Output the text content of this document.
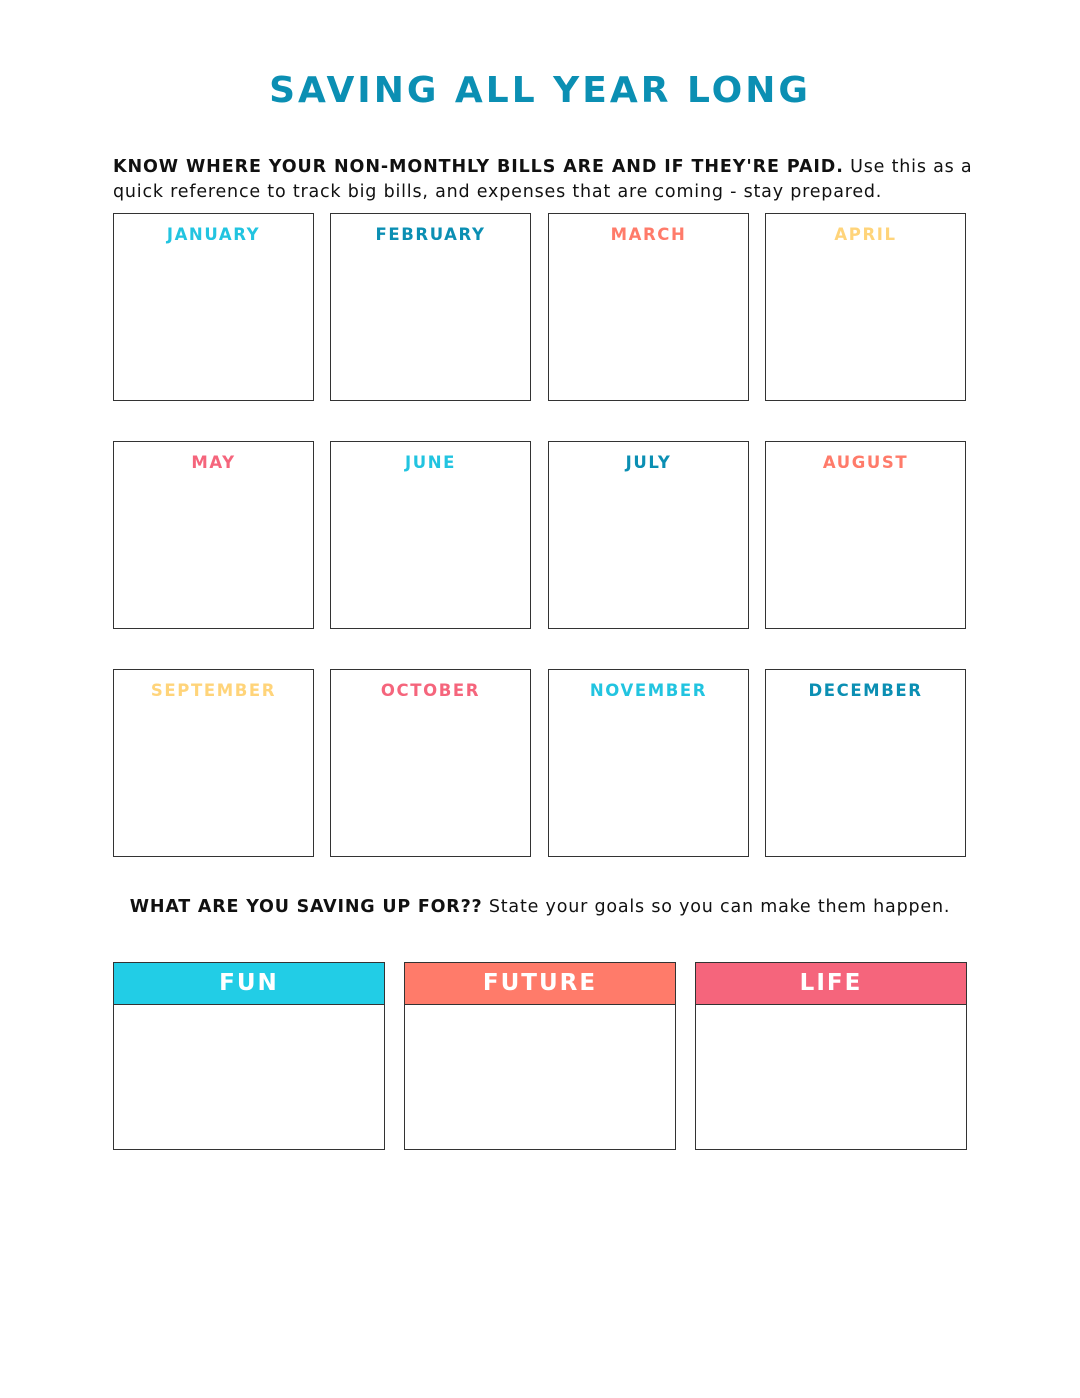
SAVING ALL YEAR LONG
KNOW WHERE YOUR NON-MONTHLY BILLS ARE AND IF THEY'RE PAID. Use this as a quick reference to track big bills, and expenses that are coming - stay prepared.
JANUARY	FEBRUARY	MARCH	APRIL
MAY	JUNE	JULY	AUGUST
SEPTEMBER	OCTOBER	NOVEMBER	DECEMBER
WHAT ARE YOU SAVING UP FOR?? State your goals so you can make them happen.
FUN	FUTURE	LIFE
